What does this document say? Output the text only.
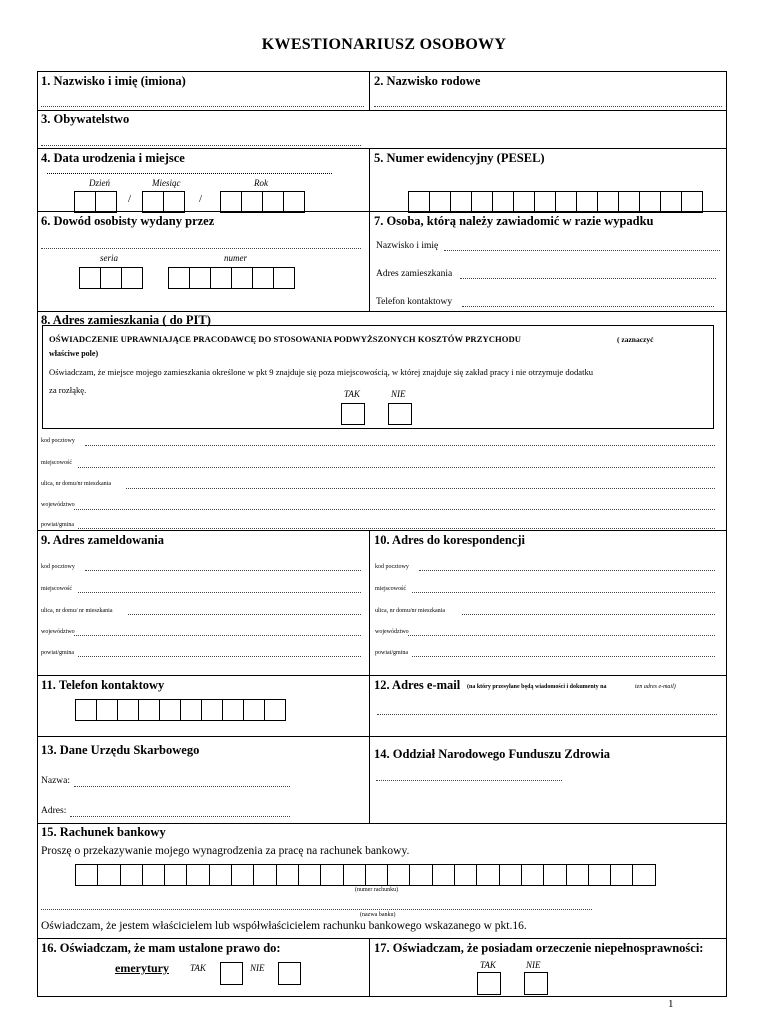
KWESTIONARIUSZ OSOBOWY
1. Nazwisko i imię (imiona)	2. Nazwisko rodowe
3. Obywatelstwo
4. Data urodzenia i miejsce
Dzień	Miesiąc	Rok
/	/
5. Numer ewidencyjny (PESEL)
6. Dowód osobisty wydany przez
seria	numer
7. Osoba, którą należy zawiadomić w razie wypadku
Nazwisko i imię
Adres zamieszkania
Telefon kontaktowy
8. Adres zamieszkania ( do PIT)
OŚWIADCZENIE UPRAWNIAJĄCE PRACODAWCĘ DO STOSOWANIA PODWYŻSZONYCH KOSZTÓW PRZYCHODU	( zaznaczyć
właściwe pole)
Oświadczam, że miejsce mojego zamieszkania określone w pkt 9 znajduje się poza miejscowością, w której znajduje się zakład pracy i nie otrzymuje dodatku
za rozłąkę.	TAK	NIE
kod pocztowy
miejscowość
ulica, nr domu/nr mieszkania
województwo
powiat/gmina
9. Adres zameldowania
kod pocztowy
miejscowość
ulica, nr domu/ nr mieszkania
województwo
powiat/gmina
10. Adres do korespondencji
kod pocztowy
miejscowość
ulica, nr domu/nr mieszkania
województwo
powiat/gmina
11. Telefon kontaktowy	12. Adres e-mail (na który przesyłane będą wiadomości i dokumenty na	ten adres e-mail)
13. Dane Urzędu Skarbowego
Nazwa:
Adres:
14. Oddział Narodowego Funduszu Zdrowia
15. Rachunek bankowy
Proszę o przekazywanie mojego wynagrodzenia za pracę na rachunek bankowy.
(numer rachunku)
(nazwa banku)
Oświadczam, że jestem właścicielem lub współwłaścicielem rachunku bankowego wskazanego w pkt.16.
16. Oświadczam, że mam ustalone prawo do:
emerytury TAK	NIE
17. Oświadczam, że posiadam orzeczenie niepełnosprawności:
TAK	NIE
1
